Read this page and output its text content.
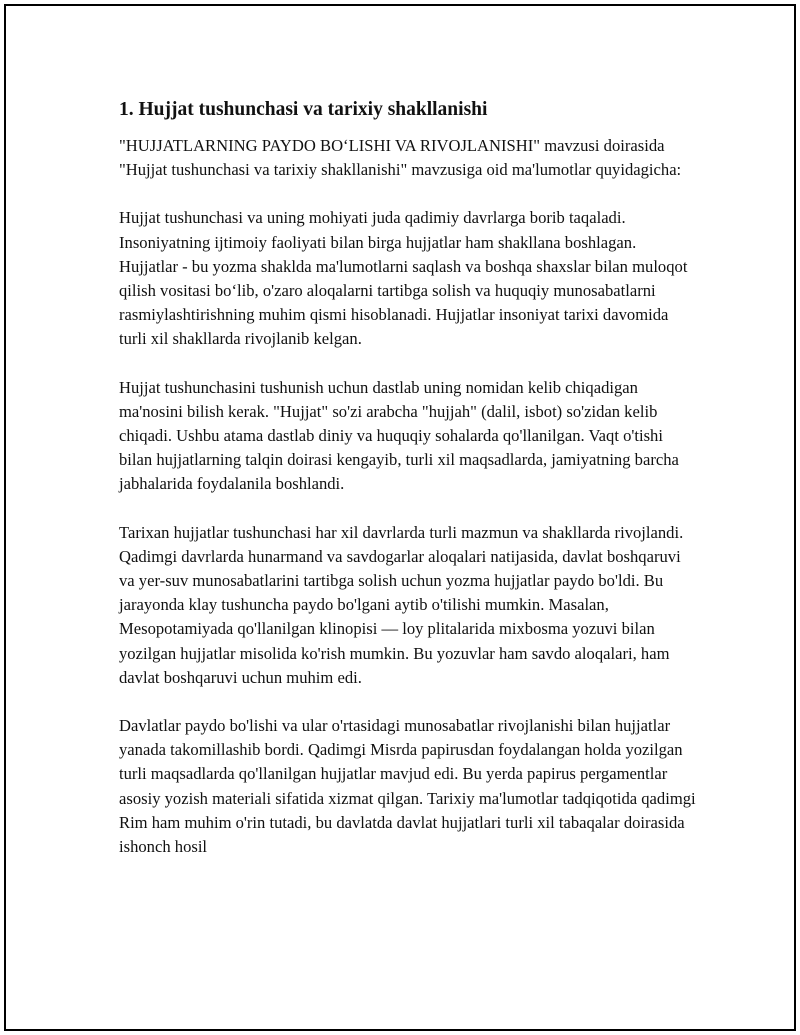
1. Hujjat tushunchasi va tarixiy shakllanishi

"HUJJATLARNING PAYDO BOʻLISHI VA RIVOJLANISHI" mavzusi doirasida "Hujjat tushunchasi va tarixiy shakllanishi" mavzusiga oid ma'lumotlar quyidagicha:

Hujjat tushunchasi va uning mohiyati juda qadimiy davrlarga borib taqaladi. Insoniyatning ijtimoiy faoliyati bilan birga hujjatlar ham shakllana boshlagan. Hujjatlar - bu yozma shaklda ma'lumotlarni saqlash va boshqa shaxslar bilan muloqot qilish vositasi boʻlib, o'zaro aloqalarni tartibga solish va huquqiy munosabatlarni rasmiylashtirishning muhim qismi hisoblanadi. Hujjatlar insoniyat tarixi davomida turli xil shakllarda rivojlanib kelgan.

Hujjat tushunchasini tushunish uchun dastlab uning nomidan kelib chiqadigan ma'nosini bilish kerak. "Hujjat" so'zi arabcha "hujjah" (dalil, isbot) so'zidan kelib chiqadi. Ushbu atama dastlab diniy va huquqiy sohalarda qo'llanilgan. Vaqt o'tishi bilan hujjatlarning talqin doirasi kengayib, turli xil maqsadlarda, jamiyatning barcha jabhalarida foydalanila boshlandi.

Tarixan hujjatlar tushunchasi har xil davrlarda turli mazmun va shakllarda rivojlandi. Qadimgi davrlarda hunarmand va savdogarlar aloqalari natijasida, davlat boshqaruvi va yer-suv munosabatlarini tartibga solish uchun yozma hujjatlar paydo bo'ldi. Bu jarayonda klay tushuncha paydo bo'lgani aytib o'tilishi mumkin. Masalan, Mesopotamiyada qo'llanilgan klinopisi — loy plitalarida mixbosma yozuvi bilan yozilgan hujjatlar misolida ko'rish mumkin. Bu yozuvlar ham savdo aloqalari, ham davlat boshqaruvi uchun muhim edi.

Davlatlar paydo bo'lishi va ular o'rtasidagi munosabatlar rivojlanishi bilan hujjatlar yanada takomillashib bordi. Qadimgi Misrda papirusdan foydalangan holda yozilgan turli maqsadlarda qo'llanilgan hujjatlar mavjud edi. Bu yerda papirus pergamentlar asosiy yozish materiali sifatida xizmat qilgan. Tarixiy ma'lumotlar tadqiqotida qadimgi Rim ham muhim o'rin tutadi, bu davlatda davlat hujjatlari turli xil tabaqalar doirasida ishonch hosil
